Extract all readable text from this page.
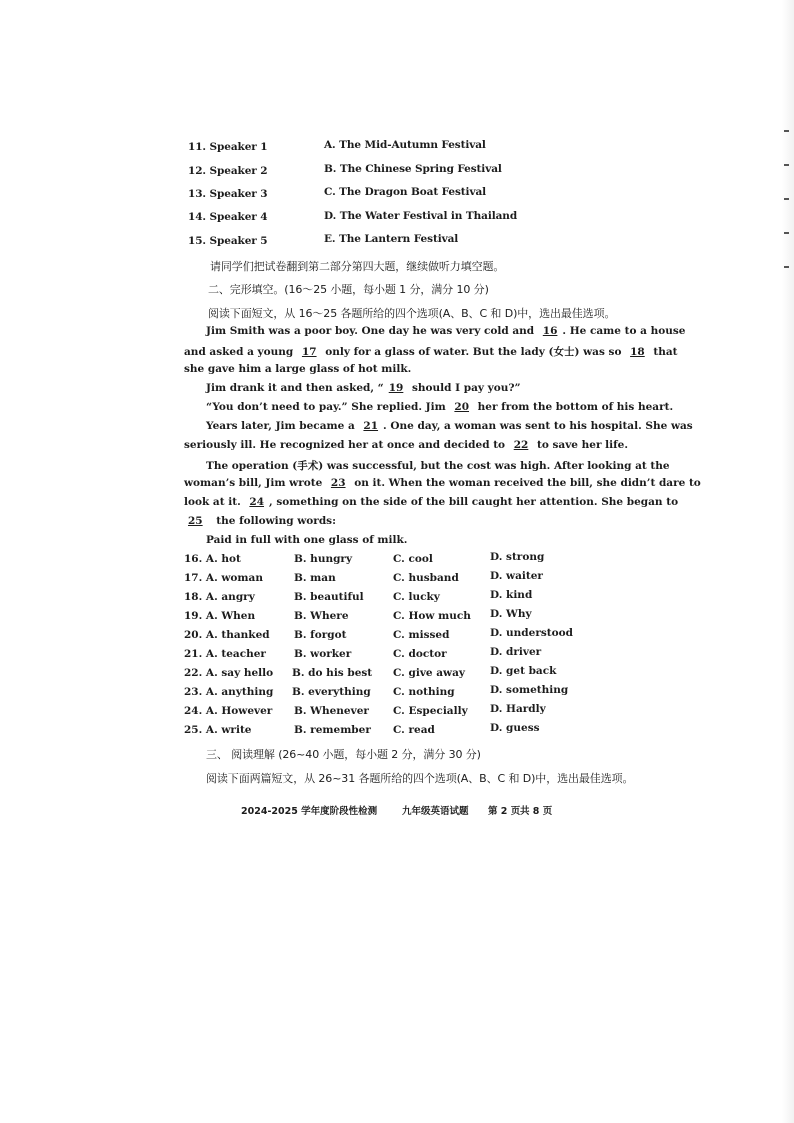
11. Speaker 1	A. The Mid-Autumn Festival
12. Speaker 2	B. The Chinese Spring Festival
13. Speaker 3	C. The Dragon Boat Festival
14. Speaker 4	D. The Water Festival in Thailand
15. Speaker 5	E. The Lantern Festival
请同学们把试卷翻到第二部分第四大题，继续做听力填空题。
二、完形填空。(16～25 小题，每小题 1 分，满分 10 分)
阅读下面短文，从 16～25 各题所给的四个选项(A、B、C 和 D)中，选出最佳选项。
Jim Smith was a poor boy. One day he was very cold and 16 . He came to a house
and asked a young 17 only for a glass of water. But the lady (女士) was so 18 that
she gave him a large glass of hot milk.
Jim drank it and then asked, “ 19 should I pay you?”
“You don’t need to pay.” She replied. Jim 20 her from the bottom of his heart.
Years later, Jim became a 21 . One day, a woman was sent to his hospital. She was
seriously ill. He recognized her at once and decided to 22 to save her life.
The operation (手术) was successful, but the cost was high. After looking at the
woman’s bill, Jim wrote 23 on it. When the woman received the bill, she didn’t dare to
look at it. 24 , something on the side of the bill caught her attention. She began to
25 the following words:
Paid in full with one glass of milk.
16. A. hot	B. hungry	C. cool	D. strong
17. A. woman	B. man	C. husband	D. waiter
18. A. angry	B. beautiful	C. lucky	D. kind
19. A. When	B. Where	C. How much D. Why
20. A. thanked B. forgot	C. missed	D. understood
21. A. teacher	B. worker	C. doctor	D. driver
22. A. say hello B. do his best C. give away D. get back
23. A. anything B. everything C. nothing	D. something
24. A. However B. Whenever C. Especially D. Hardly
25. A. write	B. remember C. read	D. guess
三、 阅读理解 (26~40 小题，每小题 2 分，满分 30 分)
阅读下面两篇短文，从 26~31 各题所给的四个选项(A、B、C 和 D)中，选出最佳选项。
2024-2025 学年度阶段性检测	九年级英语试题 第 2 页 共 8 页
